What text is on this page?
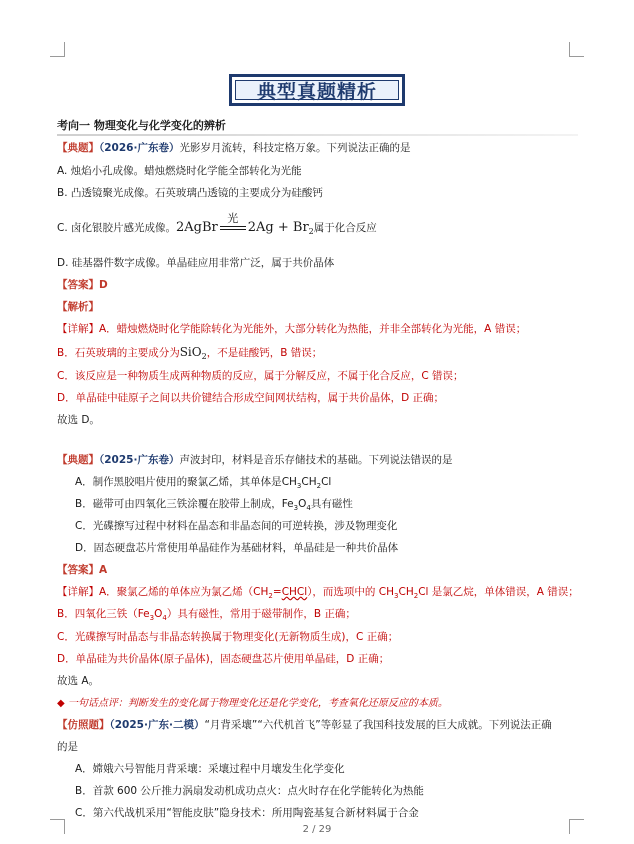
典型真题精析
考向一 物理变化与化学变化的辨析
【典题】（2026·广东卷）光影岁月流转，科技定格万象。下列说法正确的是
A. 烛焰小孔成像。蜡烛燃烧时化学能全部转化为光能
B. 凸透镜聚光成像。石英玻璃凸透镜的主要成分为硅酸钙
C. 卤化银胶片感光成像。2AgBr
光
$2Ag + Br_2$属于化合反应
D. 硅基器件数字成像。单晶硅应用非常广泛，属于共价晶体
【答案】D
【解析】
【详解】A．蜡烛燃烧时化学能除转化为光能外，大部分转化为热能，并非全部转化为光能，A 错误；
B．石英玻璃的主要成分为SiO$_2$，不是硅酸钙，B 错误；
C．该反应是一种物质生成两种物质的反应，属于分解反应，不属于化合反应，C 错误；
D．单晶硅中硅原子之间以共价键结合形成空间网状结构，属于共价晶体，D 正确；
故选 D。
【典题】（2025·广东卷）声波封印，材料是音乐存储技术的基础。下列说法错误的是
A．制作黑胶唱片使用的聚氯乙烯，其单体是$CH_3CH_2Cl$
B．磁带可由四氧化三铁涂覆在胶带上制成，$Fe_3O_4$具有磁性
C．光碟擦写过程中材料在晶态和非晶态间的可逆转换，涉及物理变化
D．固态硬盘芯片常使用单晶硅作为基础材料，单晶硅是一种共价晶体
【答案】A
【详解】A．聚氯乙烯的单体应为氯乙烯$(CH_2=CHCl)$，而选项中的 $CH_3CH_2Cl$ 是氯乙烷，单体错误，A 错误；
B．四氧化三铁$(Fe_3O_4)$具有磁性，常用于磁带制作，B 正确；
C．光碟擦写时晶态与非晶态转换属于物理变化(无新物质生成)，C 正确；
D．单晶硅为共价晶体(原子晶体)，固态硬盘芯片使用单晶硅，D 正确；
故选 A。
◆ 一句话点评：判断发生的变化属于物理变化还是化学变化，考查氧化还原反应的本质。
【仿照题】（2025·广东·二模）“月背采壤”“六代机首飞”等彰显了我国科技发展的巨大成就。下列说法正确
的是
A．嫦娥六号智能月背采壤：采壤过程中月壤发生化学变化
B．首款 600 公斤推力涡扇发动机成功点火：点火时存在化学能转化为热能
C．第六代战机采用“智能皮肤”隐身技术：所用陶瓷基复合新材料属于合金
2 / 29
